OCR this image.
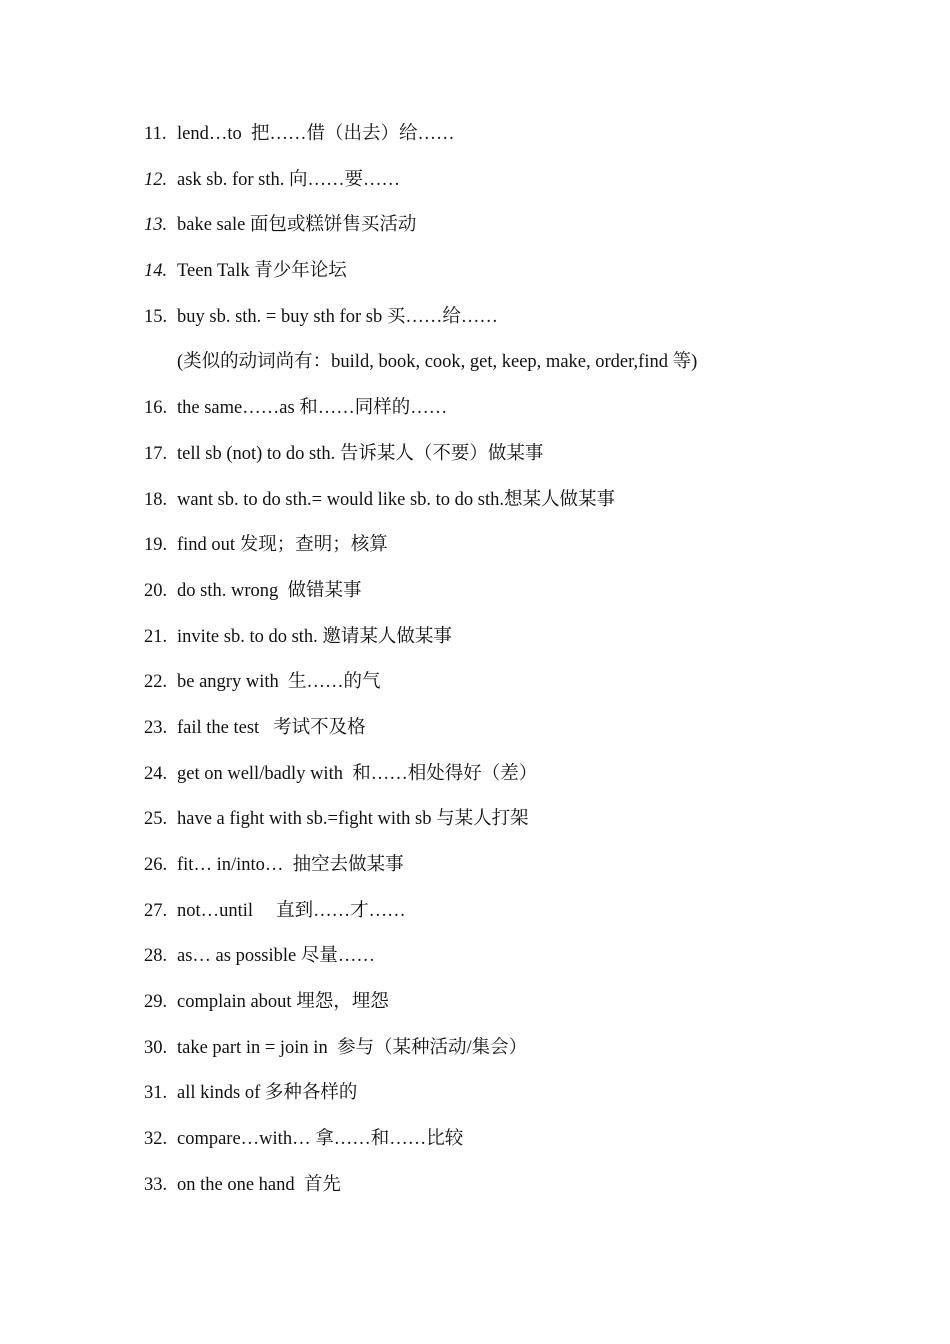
11. lend…to  把……借（出去）给……
12. ask sb. for sth. 向……要……
13. bake sale 面包或糕饼售买活动
14. Teen Talk 青少年论坛
15. buy sb. sth. = buy sth for sb 买……给……
(类似的动词尚有：build, book, cook, get, keep, make, order,find 等)
16. the same……as 和……同样的……
17. tell sb (not) to do sth. 告诉某人（不要）做某事
18. want sb. to do sth.= would like sb. to do sth.想某人做某事
19. find out 发现；查明；核算
20. do sth. wrong  做错某事
21. invite sb. to do sth. 邀请某人做某事
22. be angry with  生……的气
23. fail the test   考试不及格
24. get on well/badly with  和……相处得好（差）
25. have a fight with sb.=fight with sb 与某人打架
26. fit… in/into…  抽空去做某事
27. not…until     直到……才……
28. as… as possible 尽量……
29. complain about 埋怨，埋怨
30. take part in = join in  参与（某种活动/集会）
31. all kinds of 多种各样的
32. compare…with… 拿……和……比较
33. on the one hand  首先
